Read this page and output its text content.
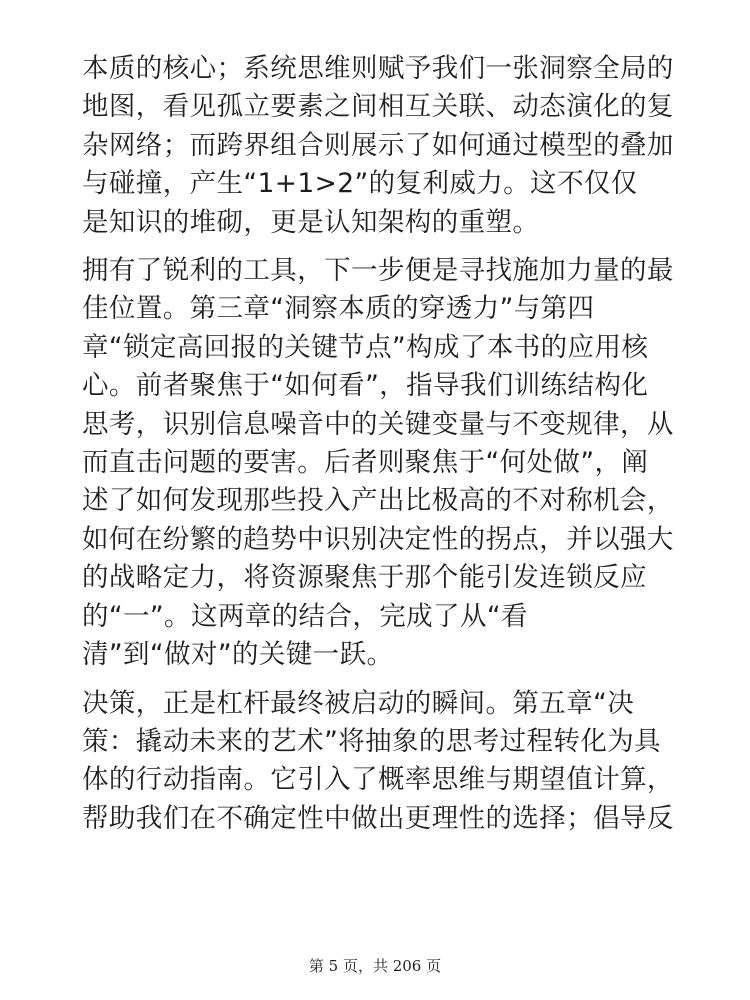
本质的核心；系统思维则赋予我们一张洞察全局的
地图，看见孤立要素之间相互关联、动态演化的复
杂网络；而跨界组合则展示了如何通过模型的叠加
与碰撞，产生“1+1>2”的复利威力。这不仅仅
是知识的堆砌，更是认知架构的重塑。

拥有了锐利的工具，下一步便是寻找施加力量的最
佳位置。第三章“洞察本质的穿透力”与第四
章“锁定高回报的关键节点”构成了本书的应用核
心。前者聚焦于“如何看”，指导我们训练结构化
思考，识别信息噪音中的关键变量与不变规律，从
而直击问题的要害。后者则聚焦于“何处做”，阐
述了如何发现那些投入产出比极高的不对称机会，
如何在纷繁的趋势中识别决定性的拐点，并以强大
的战略定力，将资源聚焦于那个能引发连锁反应
的“一”。这两章的结合，完成了从“看
清”到“做对”的关键一跃。

决策，正是杠杆最终被启动的瞬间。第五章“决
策：撬动未来的艺术”将抽象的思考过程转化为具
体的行动指南。它引入了概率思维与期望值计算，
帮助我们在不确定性中做出更理性的选择；倡导反

第 5 页，共 206 页
